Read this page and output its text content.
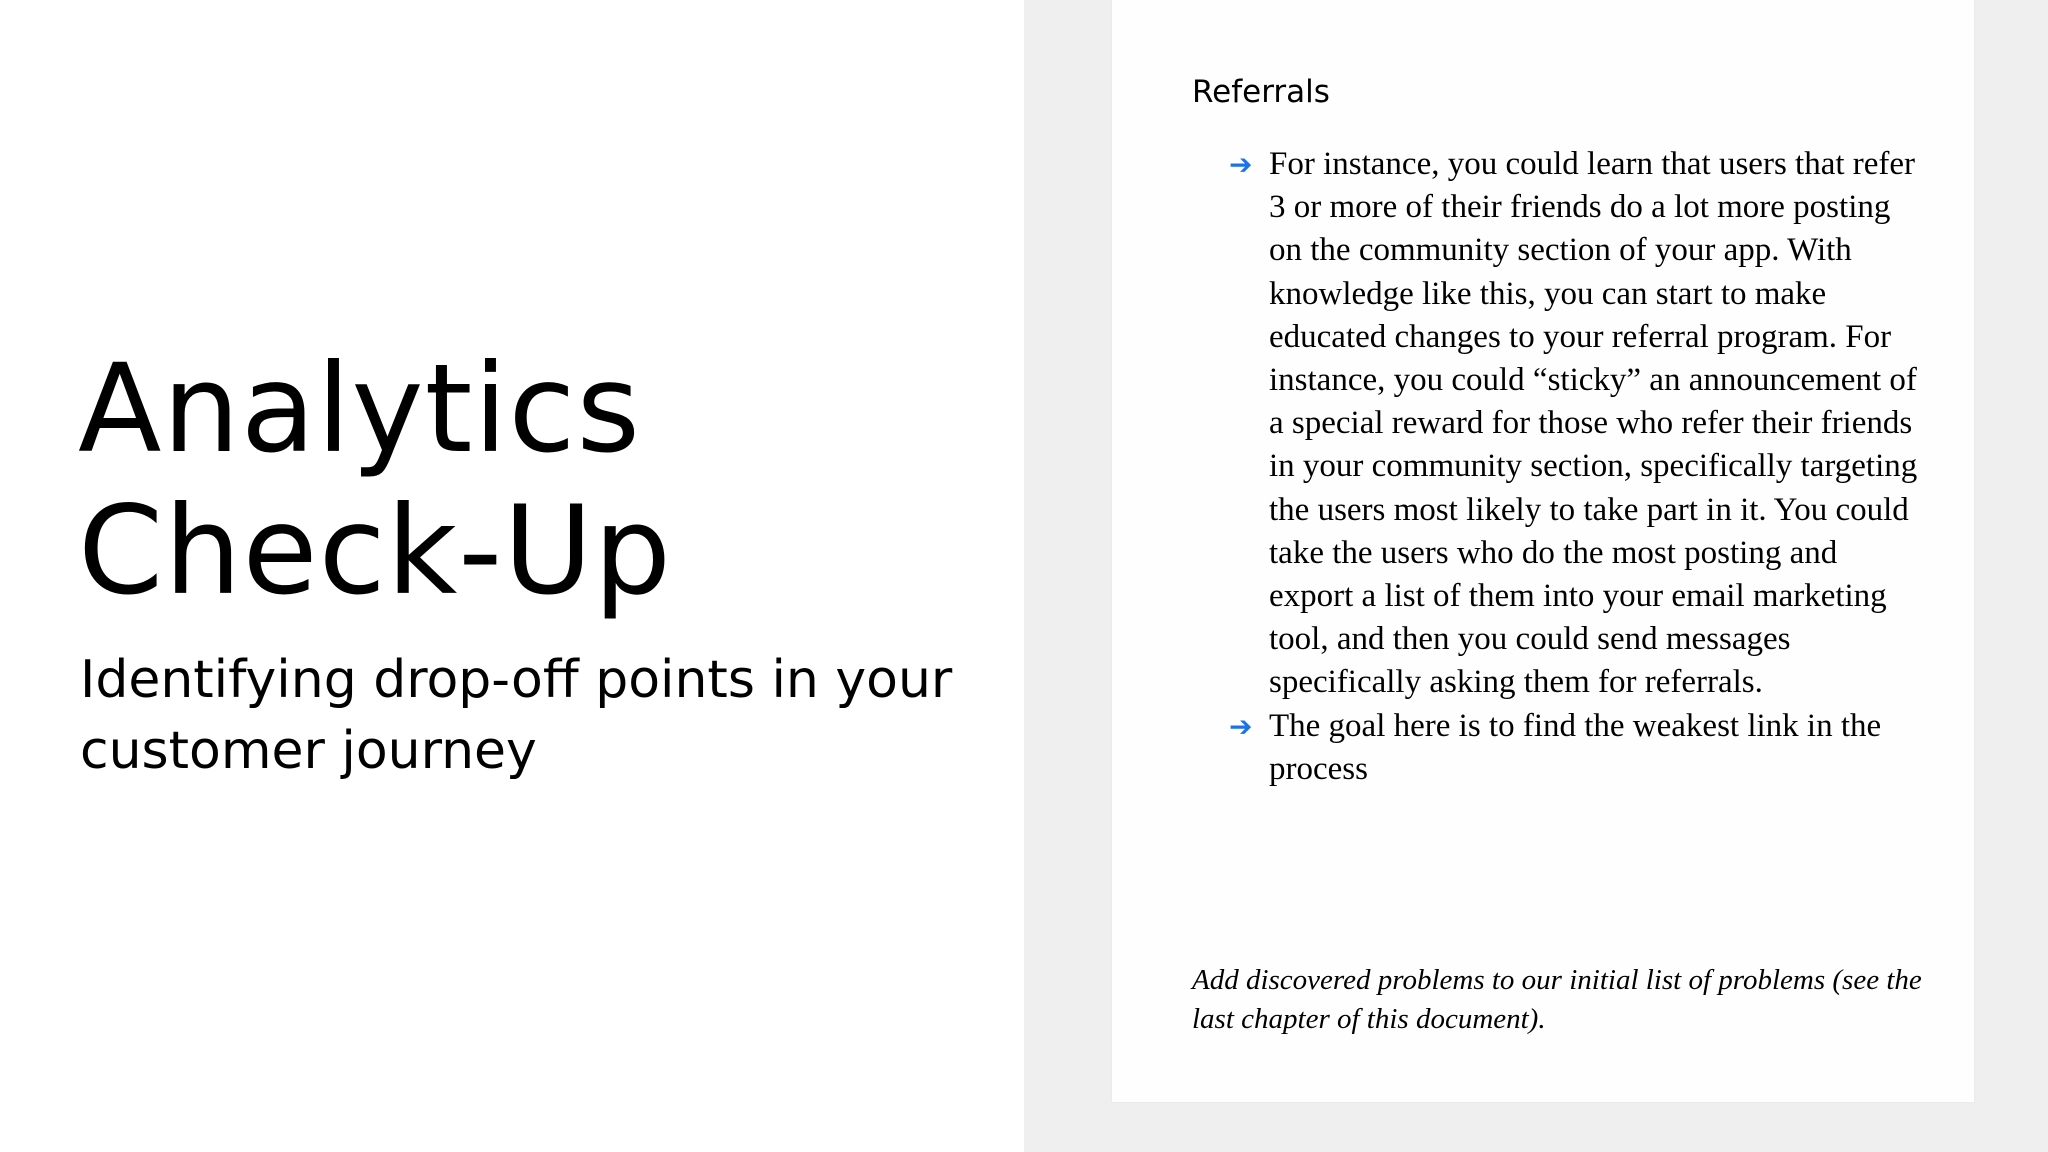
Analytics
Check-Up

Identifying drop-off points in your customer journey

Referrals
➔ For instance, you could learn that users that refer 3 or more of their friends do a lot more posting on the community section of your app. With knowledge like this, you can start to make educated changes to your referral program. For instance, you could “sticky” an announcement of a special reward for those who refer their friends in your community section, specifically targeting the users most likely to take part in it. You could take the users who do the most posting and export a list of them into your email marketing tool, and then you could send messages specifically asking them for referrals.
➔ The goal here is to find the weakest link in the process

Add discovered problems to our initial list of problems (see the last chapter of this document).
